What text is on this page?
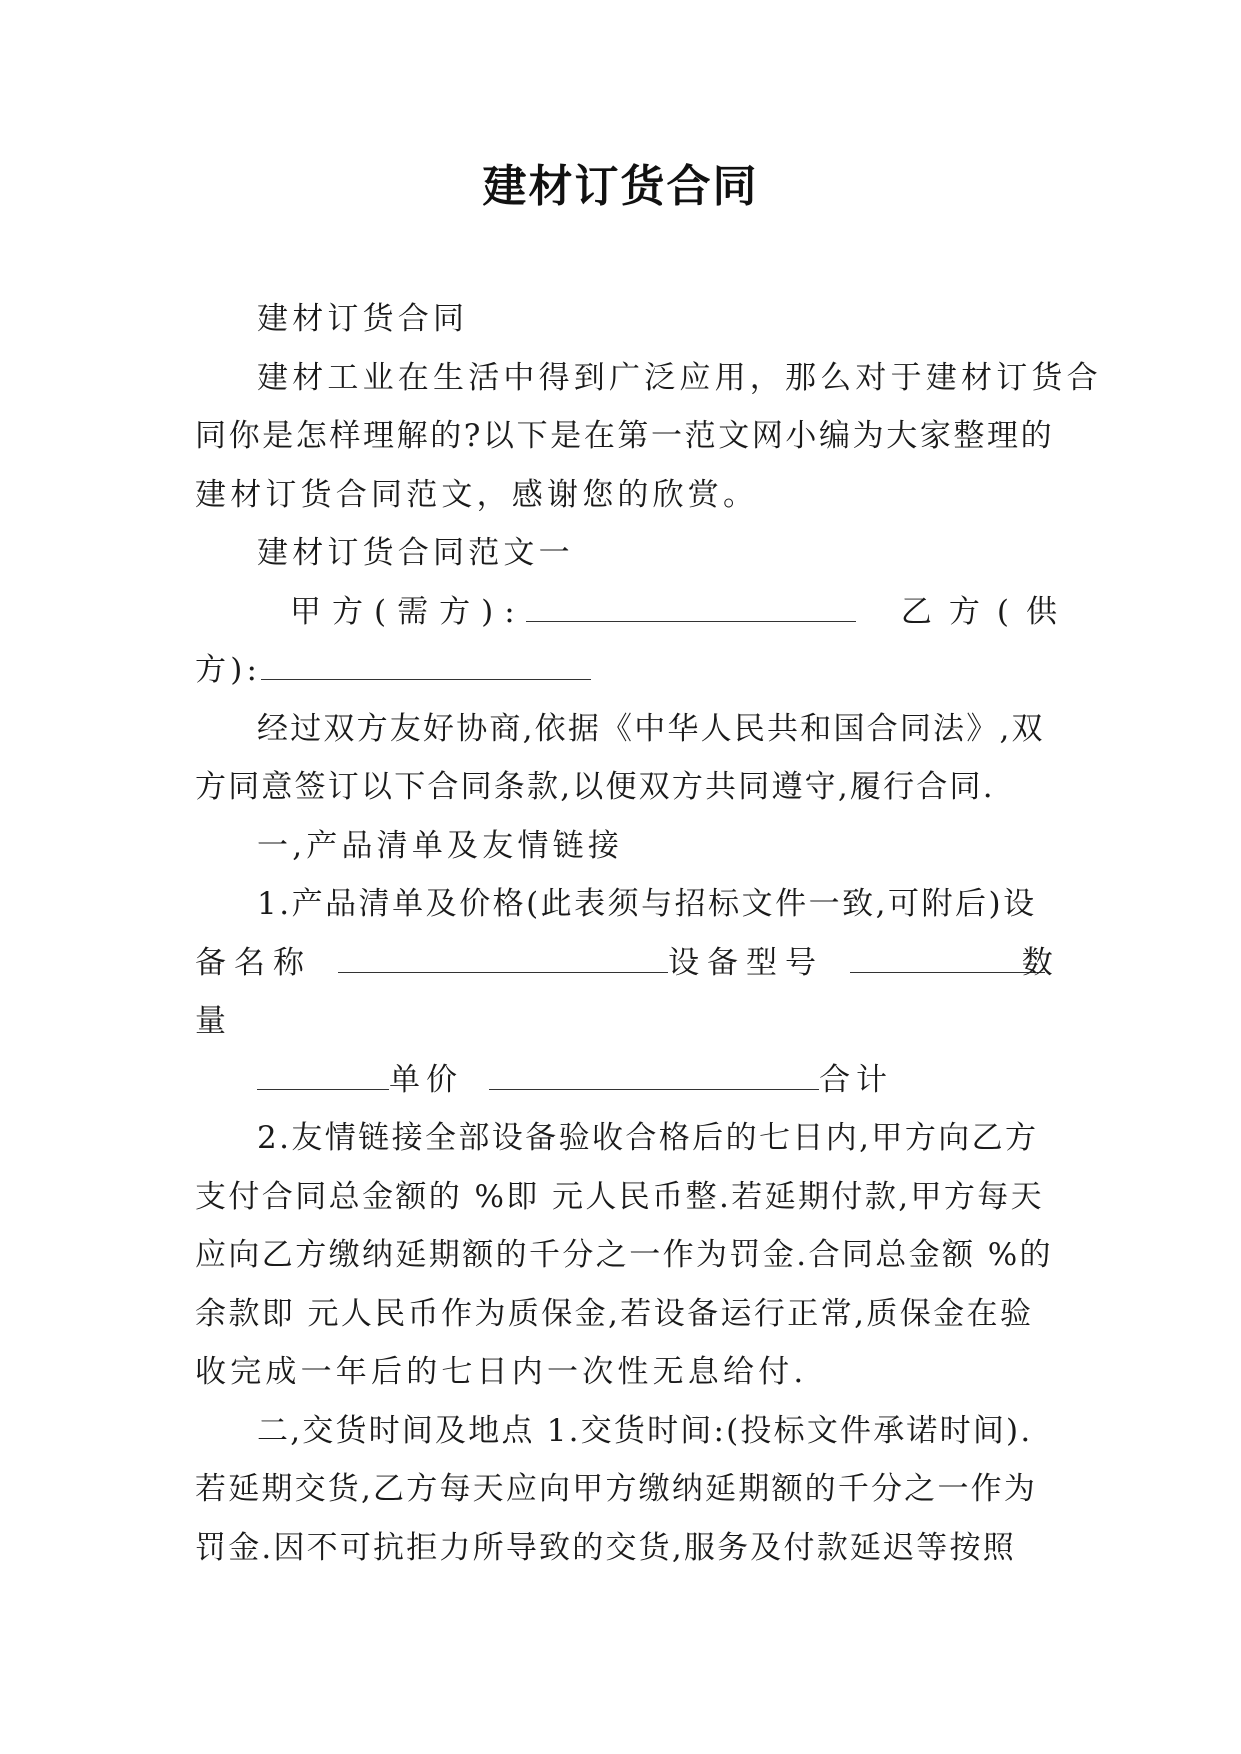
建材订货合同
建材订货合同
建材工业在生活中得到广泛应用，那么对于建材订货合
同你是怎样理解的?以下是在第一范文网小编为大家整理的
建材订货合同范文，感谢您的欣赏。
建材订货合同范文一
甲方(需方):	乙方(供
方):
经过双方友好协商,依据《中华人民共和国合同法》,双
方同意签订以下合同条款,以便双方共同遵守,履行合同.
一,产品清单及友情链接
1.产品清单及价格(此表须与招标文件一致,可附后)设
备名称	设备型号	数
量
单价	合计
2.友情链接全部设备验收合格后的七日内,甲方向乙方
支付合同总金额的 %即 元人民币整.若延期付款,甲方每天
应向乙方缴纳延期额的千分之一作为罚金.合同总金额 %的
余款即 元人民币作为质保金,若设备运行正常,质保金在验
收完成一年后的七日内一次性无息给付.
二,交货时间及地点 1.交货时间:(投标文件承诺时间).
若延期交货,乙方每天应向甲方缴纳延期额的千分之一作为
罚金.因不可抗拒力所导致的交货,服务及付款延迟等按照
